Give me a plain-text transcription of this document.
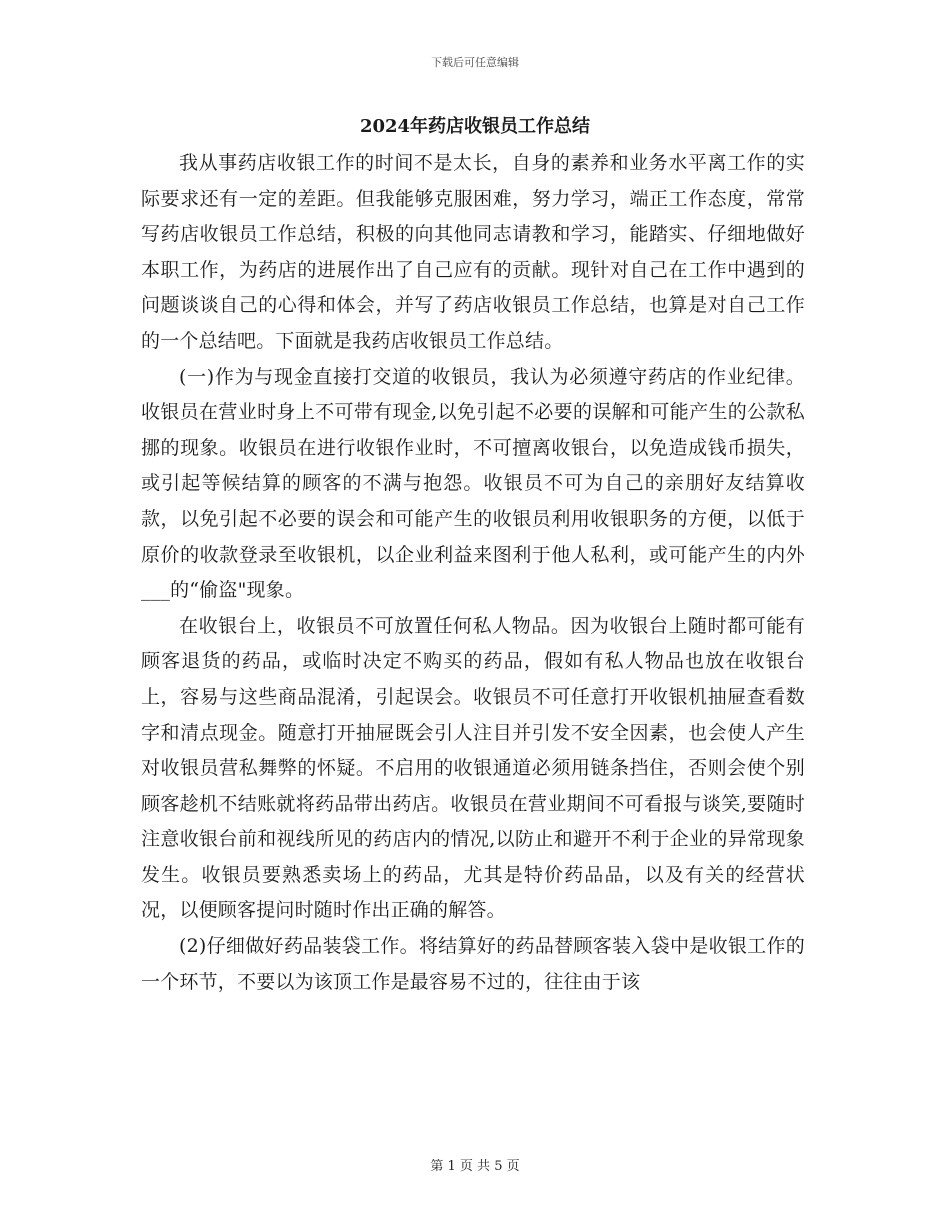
下载后可任意编辑
2024年药店收银员工作总结

我从事药店收银工作的时间不是太长，自身的素养和业务水平离工作的实际要求还有一定的差距。但我能够克服困难，努力学习，端正工作态度，常常写药店收银员工作总结，积极的向其他同志请教和学习，能踏实、仔细地做好本职工作，为药店的进展作出了自己应有的贡献。现针对自己在工作中遇到的问题谈谈自己的心得和体会，并写了药店收银员工作总结，也算是对自己工作的一个总结吧。下面就是我药店收银员工作总结。

(一)作为与现金直接打交道的收银员，我认为必须遵守药店的作业纪律。收银员在营业时身上不可带有现金,以免引起不必要的误解和可能产生的公款私挪的现象。收银员在进行收银作业时，不可擅离收银台，以免造成钱币损失，或引起等候结算的顾客的不满与抱怨。收银员不可为自己的亲朋好友结算收款，以免引起不必要的误会和可能产生的收银员利用收银职务的方便，以低于原价的收款登录至收银机，以企业利益来图利于他人私利，或可能产生的内外___的“偷盗"现象。

在收银台上，收银员不可放置任何私人物品。因为收银台上随时都可能有顾客退货的药品，或临时决定不购买的药品，假如有私人物品也放在收银台上，容易与这些商品混淆，引起误会。收银员不可任意打开收银机抽屉查看数字和清点现金。随意打开抽屉既会引人注目并引发不安全因素，也会使人产生对收银员营私舞弊的怀疑。不启用的收银通道必须用链条挡住，否则会使个别顾客趁机不结账就将药品带出药店。收银员在营业期间不可看报与谈笑,要随时注意收银台前和视线所见的药店内的情况,以防止和避开不利于企业的异常现象发生。收银员要熟悉卖场上的药品，尤其是特价药品品，以及有关的经营状况，以便顾客提问时随时作出正确的解答。

(2)仔细做好药品装袋工作。将结算好的药品替顾客装入袋中是收银工作的一个环节，不要以为该顶工作是最容易不过的，往往由于该

第 1 页 共 5 页
